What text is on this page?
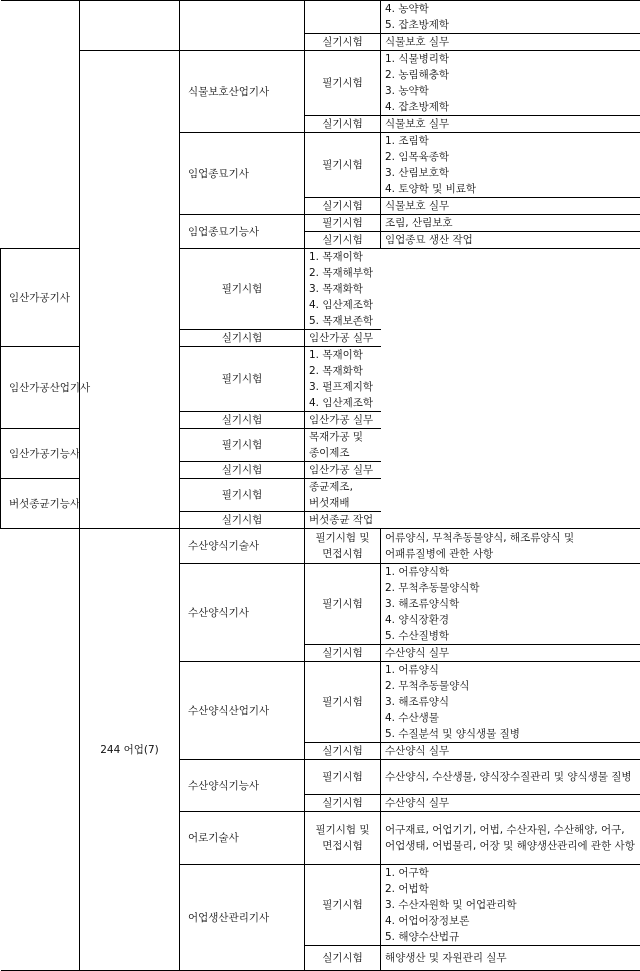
				4. 농약학
5. 잡초방제학

			실기시험	식물보호 실무
		식물보호산업기사	필기시험	1. 식물병리학
2. 농림해충학
3. 농약학
4. 잡초방제학

			실기시험	식물보호 실무
		임업종묘기사	필기시험	1. 조림학
2. 임목육종학
3. 산림보호학
4. 토양학 및 비료학

			실기시험	식물보호 실무
		임업종묘기능사	필기시험	조림, 산림보호
			실기시험	임업종묘 생산 작업
임산가공기사		필기시험	1. 목재이학
2. 목재해부학
3. 목재화학
4. 임산제조학
5. 목재보존학	

		실기시험	임산가공 실무	
임산가공산업기사		필기시험	1. 목재이학
2. 목재화학
3. 펄프제지학
4. 임산제조학	

		실기시험	임산가공 실무	
임산가공기능사		필기시험	목재가공 및 종이제조	
		실기시험	임산가공 실무	
버섯종균기능사		필기시험	종균제조, 버섯재배	
		실기시험	버섯종균 작업	
	244 어업(7)	수산양식기술사	필기시험 및 면접시험	어류양식, 무척추동물양식, 해조류양식 및 어패류질병에 관한 사항
		수산양식기사	필기시험	1. 어류양식학
2. 무척추동물양식학
3. 해조류양식학
4. 양식장환경
5. 수산질병학

			실기시험	수산양식 실무
		수산양식산업기사	필기시험	1. 어류양식
2. 무척추동물양식
3. 해조류양식
4. 수산생물
5. 수질분석 및 양식생물 질병

			실기시험	수산양식 실무
		수산양식기능사	필기시험	수산양식, 수산생물, 양식장수질관리 및 양식생물 질병
			실기시험	수산양식 실무
		어로기술사	필기시험 및 면접시험	어구재료, 어업기기, 어법, 수산자원, 수산해양, 어구, 어업생태, 어법물리, 어장 및 해양생산관리에 관한 사항
		어업생산관리기사	필기시험	1. 어구학
2. 어법학
3. 수산자원학 및 어업관리학
4. 어업어장정보론
5. 해양수산법규

			실기시험	해양생산 및 자원관리 실무
